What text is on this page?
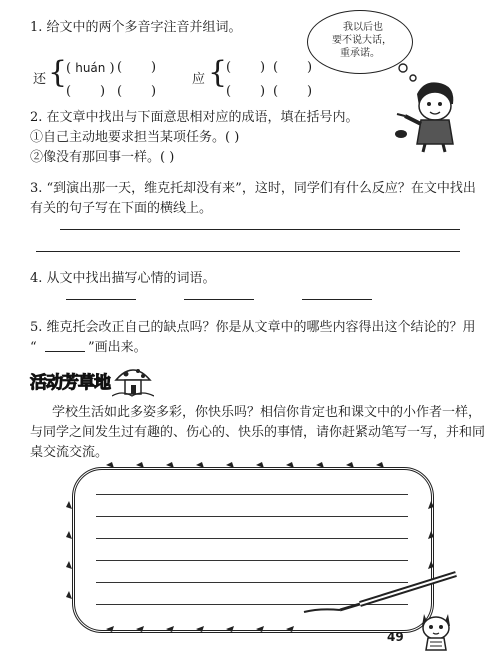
1. 给文中的两个多音字注音并组词。
还 {
( huán ) (       )
(       ) (       )
应 {
(       ) (       )
(       ) (       )
我以后也
要不说大话，
重承诺。
2. 在文章中找出与下面意思相对应的成语，填在括号内。
①自己主动地要求担当某项任务。( )
②像没有那回事一样。( )
3. “到演出那一天，维克托却没有来”，这时，同学们有什么反应？在文中找出
有关的句子写在下面的横线上。
4. 从文中找出描写心情的词语。
5. 维克托会改正自己的缺点吗？你是从文章中的哪些内容得出这个结论的？用
“	”画出来。
活动芳草地
学校生活如此多姿多彩，你快乐吗？相信你肯定也和课文中的小作者一样，
与同学之间发生过有趣的、伤心的、快乐的事情，请你赶紧动笔写一写，并和同
桌交流交流。
49
